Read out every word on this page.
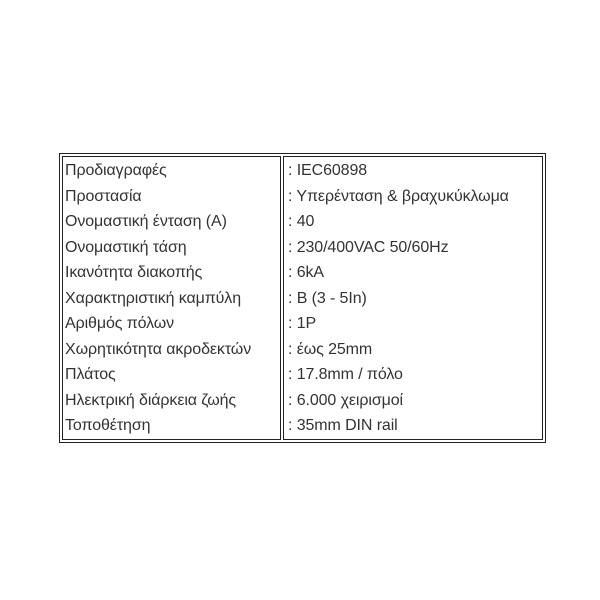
Προδιαγραφές
Προστασία
Ονομαστική ένταση (A)
Ονομαστική τάση
Ικανότητα διακοπής
Χαρακτηριστική καμπύλη
Αριθμός πόλων
Χωρητικότητα ακροδεκτών
Πλάτος
Ηλεκτρική διάρκεια ζωής
Τοποθέτηση
: IEC60898
: Υπερένταση & βραχυκύκλωμα
: 40
: 230/400VAC 50/60Hz
: 6kA
: B (3 - 5In)
: 1P
: έως 25mm
: 17.8mm / πόλο
: 6.000 χειρισμοί
: 35mm DIN rail
